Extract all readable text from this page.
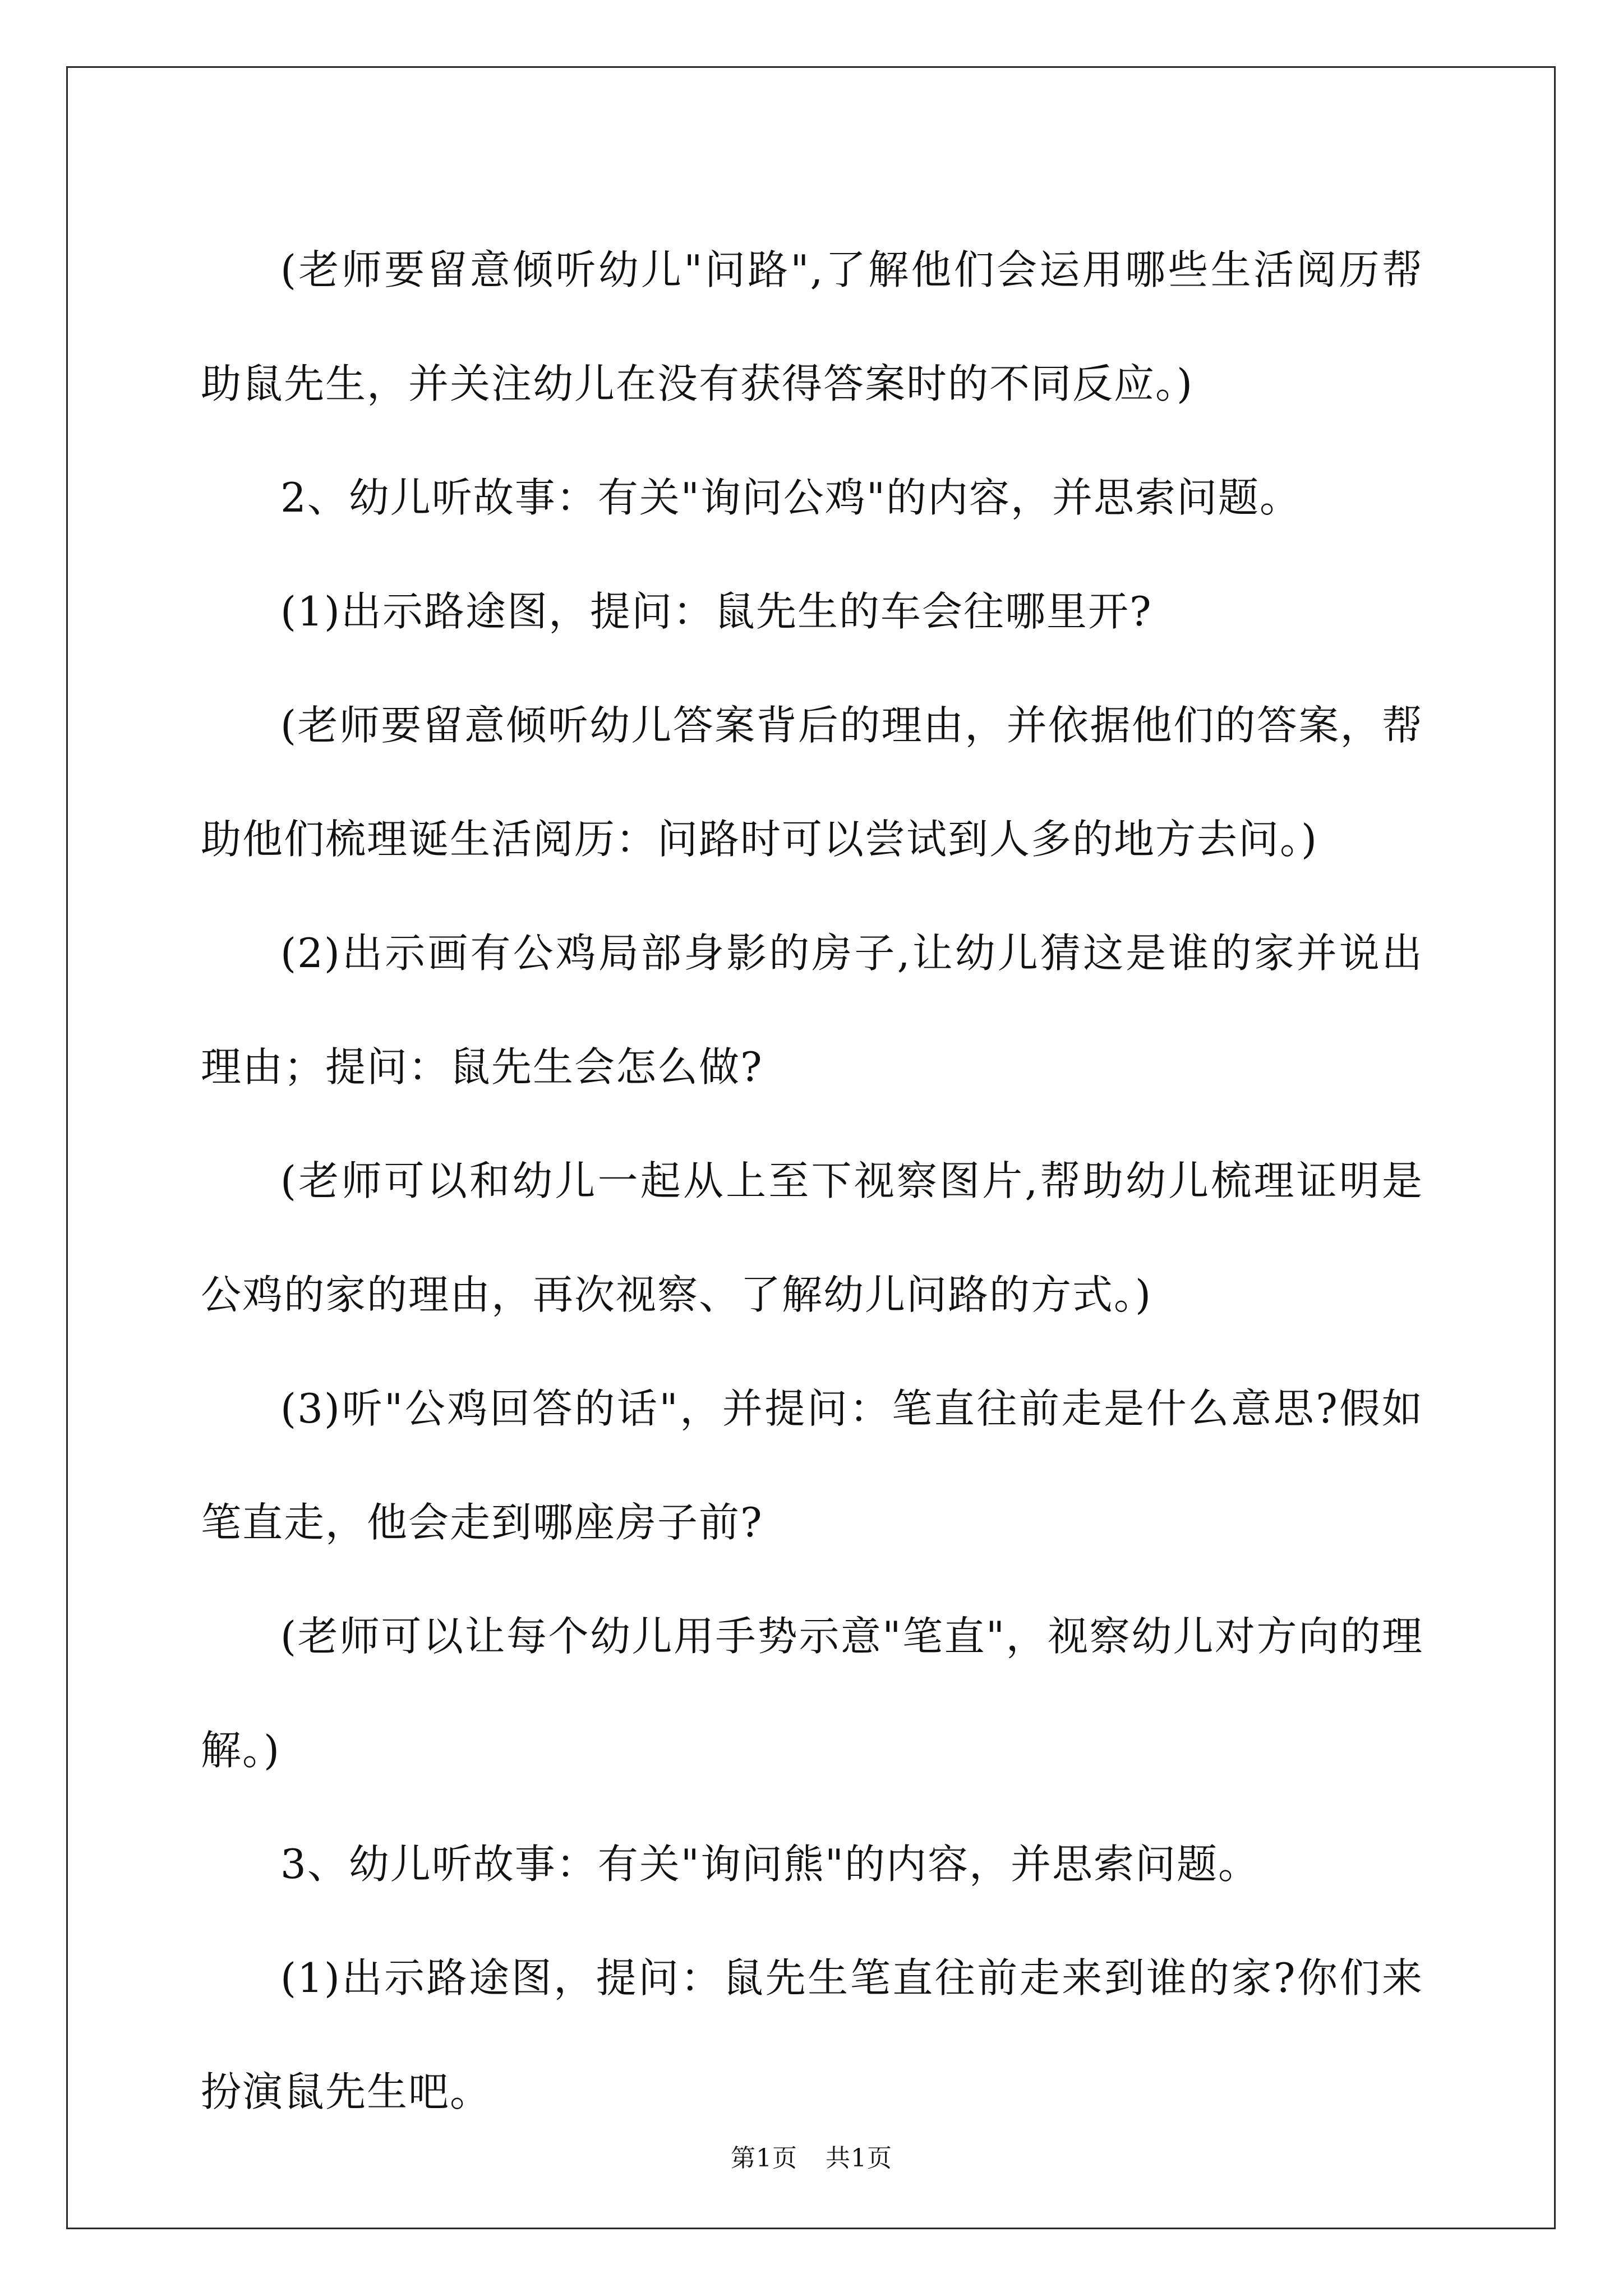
(老师要留意倾听幼儿"问路",了解他们会运用哪些生活阅历帮助鼠先生，并关注幼儿在没有获得答案时的不同反应。)

2、幼儿听故事：有关"询问公鸡"的内容，并思索问题。

(1)出示路途图，提问：鼠先生的车会往哪里开?

(老师要留意倾听幼儿答案背后的理由，并依据他们的答案，帮助他们梳理诞生活阅历：问路时可以尝试到人多的地方去问。)

(2)出示画有公鸡局部身影的房子,让幼儿猜这是谁的家并说出理由；提问：鼠先生会怎么做?

(老师可以和幼儿一起从上至下视察图片,帮助幼儿梳理证明是公鸡的家的理由，再次视察、了解幼儿问路的方式。)

(3)听"公鸡回答的话"，并提问：笔直往前走是什么意思?假如笔直走，他会走到哪座房子前?

(老师可以让每个幼儿用手势示意"笔直"，视察幼儿对方向的理解。)

3、幼儿听故事：有关"询问熊"的内容，并思索问题。

(1)出示路途图，提问：鼠先生笔直往前走来到谁的家?你们来扮演鼠先生吧。

第1页 共1页
